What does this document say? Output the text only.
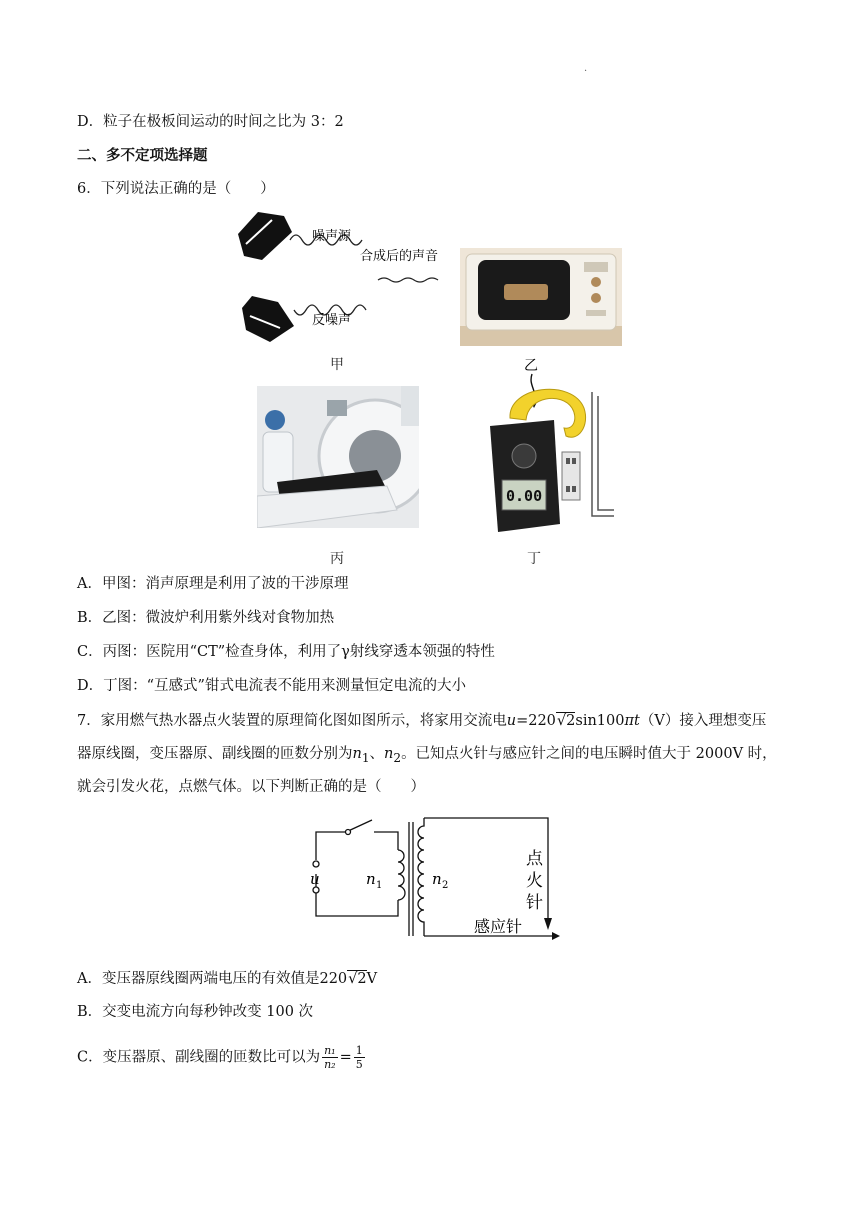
·
D．粒子在极板间运动的时间之比为 3：2
二、多不定项选择题
6．下列说法正确的是（　　）
噪声源
合成后的声音
反噪声
甲
丙
乙
0.00
丁
A．甲图：消声原理是利用了波的干涉原理
B．乙图：微波炉利用紫外线对食物加热
C．丙图：医院用“CT”检查身体，利用了γ射线穿透本领强的特性
D．丁图：“互感式”钳式电流表不能用来测量恒定电流的大小
7．家用燃气热水器点火装置的原理简化图如图所示，将家用交流电u=220√2sin100πt（V）接入理想变压
器原线圈，变压器原、副线圈的匝数分别为$n_1$、$n_2$。已知点火针与感应针之间的电压瞬时值大于 2000V 时，
就会引发火花，点燃气体。以下判断正确的是（　　）
u	n 1	n 2
点
火
针
感应针
A．变压器原线圈两端电压的有效值是220√2V
B．交变电流方向每秒钟改变 100 次
C．变压器原、副线圈的匝数比可以为 $\frac{\text{n₁}}{\text{n₂}} = \frac{1}{5}$
